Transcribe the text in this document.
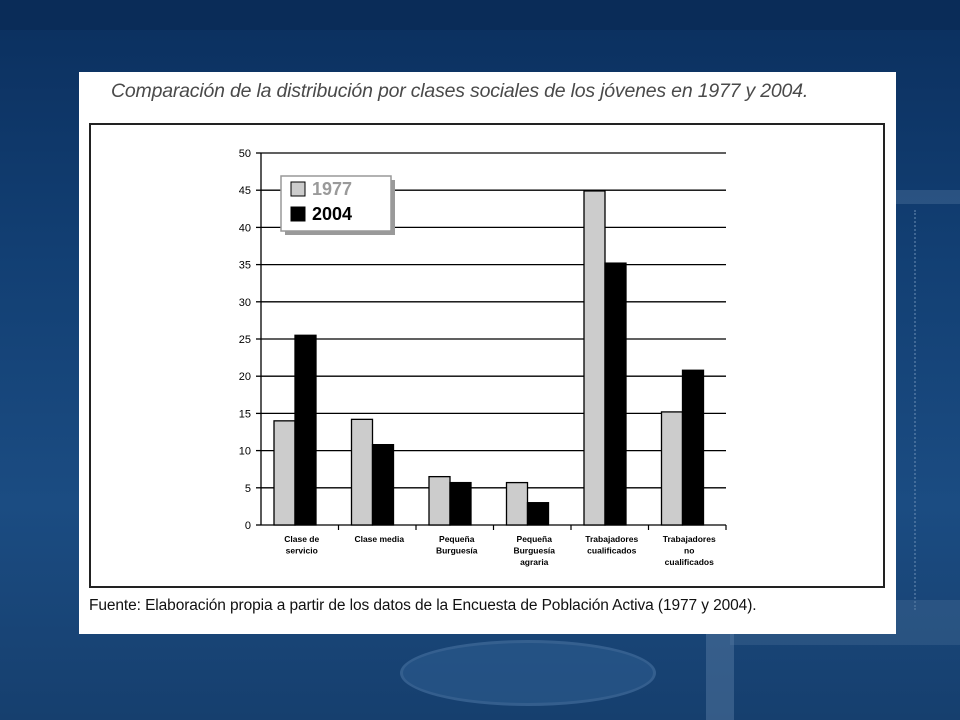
Comparación de la distribución por clases sociales de los jóvenes en 1977 y 2004.
0
5
10
15
20
25
30
35
40
45
50
Clase de
servicio
Clase media	Pequeña
Burguesía
Pequeña
Burguesía
agraria
Trabajadores
cualificados
Trabajadores
no
cualificados
1977
2004
Fuente: Elaboración propia a partir de los datos de la Encuesta de Población Activa (1977 y 2004).
